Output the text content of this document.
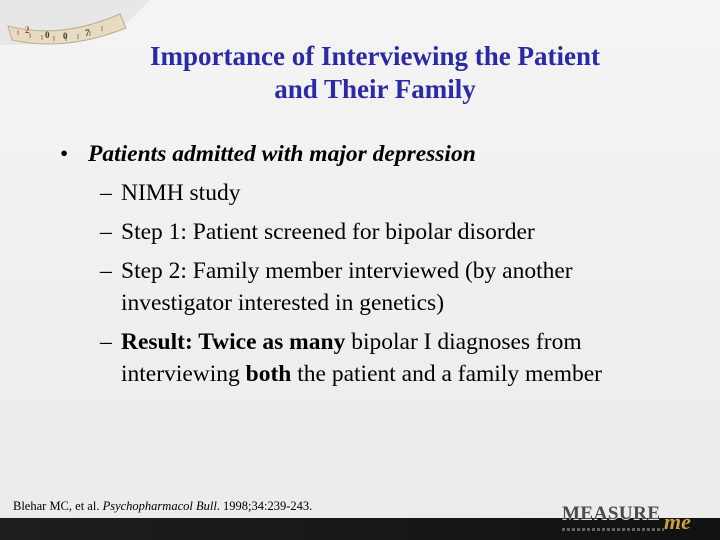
2 0 0 7
Importance of Interviewing the Patient
and Their Family
• Patients admitted with major depression
– NIMH study
– Step 1: Patient screened for bipolar disorder
– Step 2: Family member interviewed (by another investigator interested in genetics)
– Result: Twice as many bipolar I diagnoses from interviewing both the patient and a family member
Blehar MC, et al. Psychopharmacol Bull. 1998;34:239-243.	MEASURE me
